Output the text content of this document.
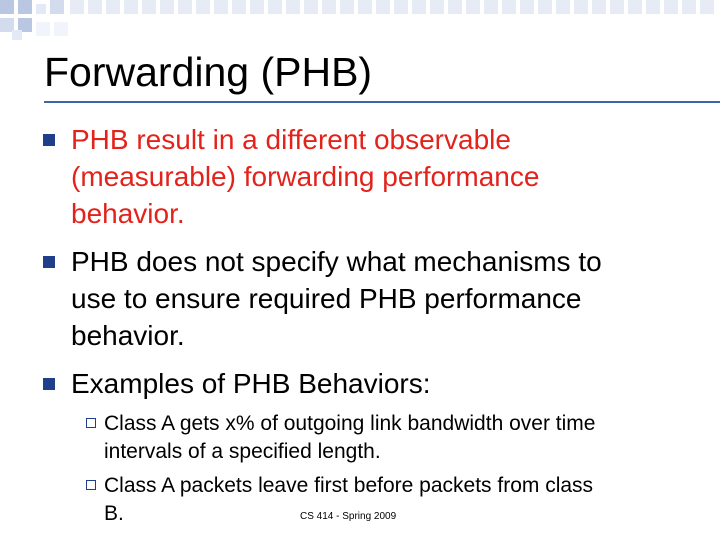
Forwarding (PHB)
PHB result in a different observable
(measurable) forwarding performance
behavior.
PHB does not specify what mechanisms to
use to ensure required PHB performance
behavior.
Examples of PHB Behaviors:
Class A gets x% of outgoing link bandwidth over time
intervals of a specified length.
Class A packets leave first before packets from class
B.	CS 414 - Spring 2009
